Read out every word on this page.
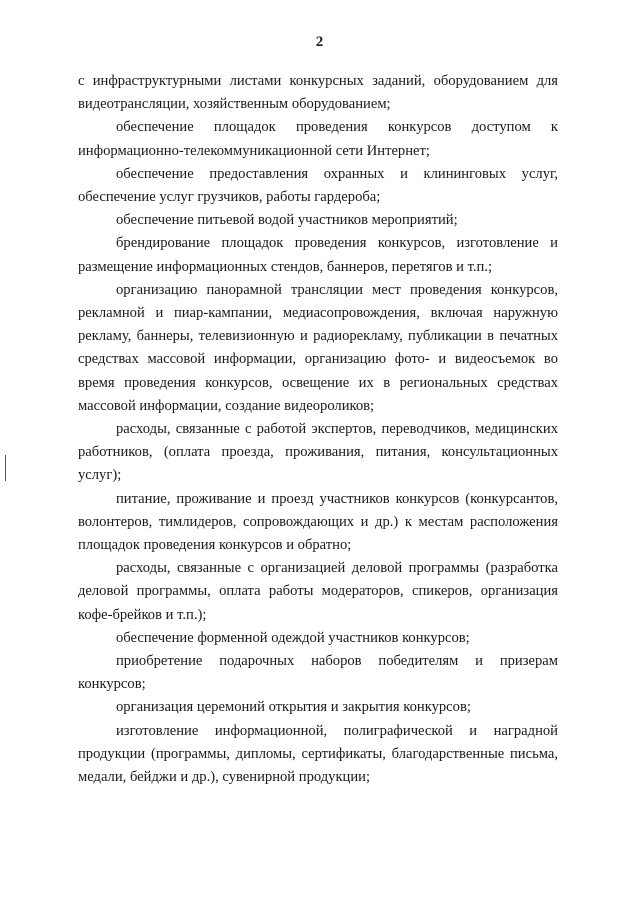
2

с инфраструктурными листами конкурсных заданий, оборудованием для видеотрансляции, хозяйственным оборудованием;

обеспечение площадок проведения конкурсов доступом к информационно-телекоммуникационной сети Интернет;

обеспечение предоставления охранных и клининговых услуг, обеспечение услуг грузчиков, работы гардероба;

обеспечение питьевой водой участников мероприятий;

брендирование площадок проведения конкурсов, изготовление и размещение информационных стендов, баннеров, перетягов и т.п.;

организацию панорамной трансляции мест проведения конкурсов, рекламной и пиар-кампании, медиасопровождения, включая наружную рекламу, баннеры, телевизионную и радиорекламу, публикации в печатных средствах массовой информации, организацию фото- и видеосъемок во время проведения конкурсов, освещение их в региональных средствах массовой информации, создание видеороликов;

расходы, связанные с работой экспертов, переводчиков, медицинских работников, (оплата проезда, проживания, питания, консультационных услуг);

питание, проживание и проезд участников конкурсов (конкурсантов, волонтеров, тимлидеров, сопровождающих и др.) к местам расположения площадок проведения конкурсов и обратно;

расходы, связанные с организацией деловой программы (разработка деловой программы, оплата работы модераторов, спикеров, организация кофе-брейков и т.п.);

обеспечение форменной одеждой участников конкурсов;

приобретение подарочных наборов победителям и призерам конкурсов;

организация церемоний открытия и закрытия конкурсов;

изготовление информационной, полиграфической и наградной продукции (программы, дипломы, сертификаты, благодарственные письма, медали, бейджи и др.), сувенирной продукции;
